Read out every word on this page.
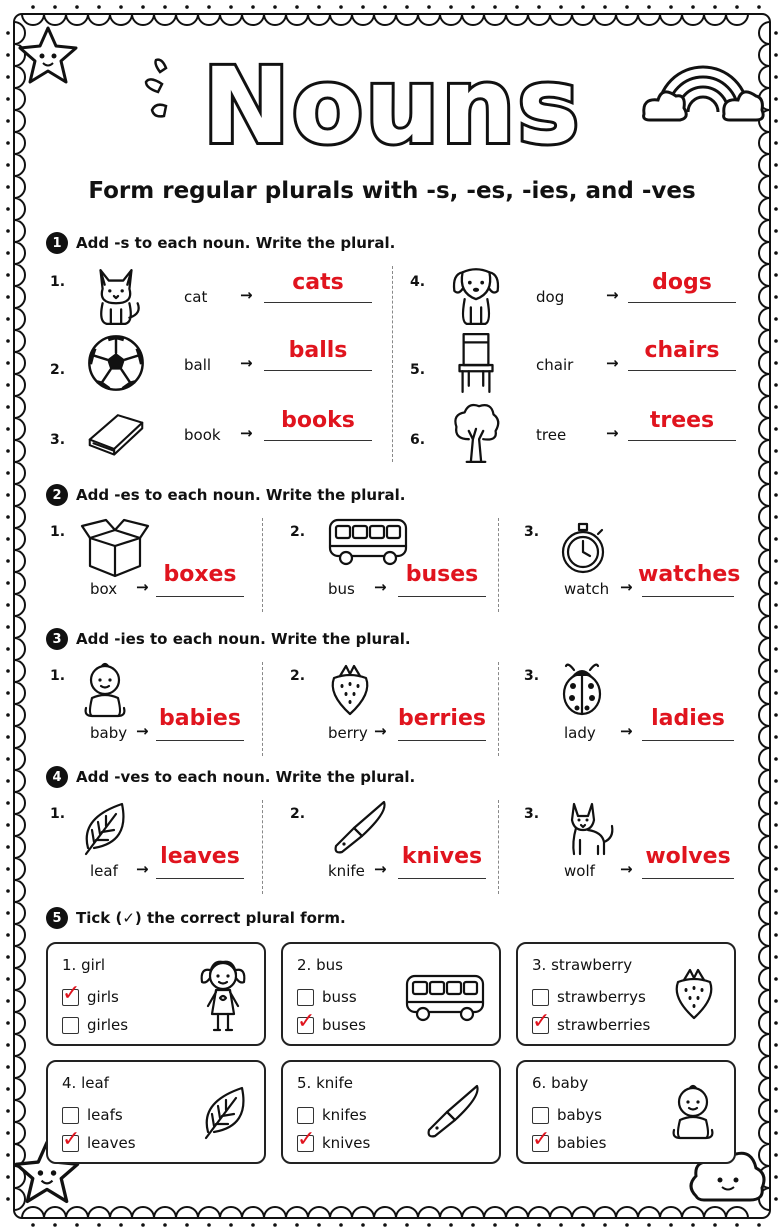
Nouns
Form regular plurals with -s, -es, -ies, and -ves
1 Add -s to each noun. Write the plural.
1.
cat →	cats
2.	ball →	balls
3.	book →	books
4.
dog	→	dogs
5.	chair →	chairs
6.	tree	→	trees
2 Add -es to each noun. Write the plural.
1.
box → boxes
2.
bus → buses
3.
watch → watches
3 Add -ies to each noun. Write the plural.
1.
baby → babies
2.
berry → berries
3.
lady → ladies
4 Add -ves to each noun. Write the plural.
1.
leaf → leaves
2.
knife → knives
3.
wolf → wolves
5 Tick (✓) the correct plural form.
1. girl
✓ girls
girles
2. bus
buss
✓ buses
3. strawberry
strawberrys
✓ strawberries
4. leaf
leafs
✓ leaves
5. knife
knifes
✓ knives
6. baby
babys
✓ babies
